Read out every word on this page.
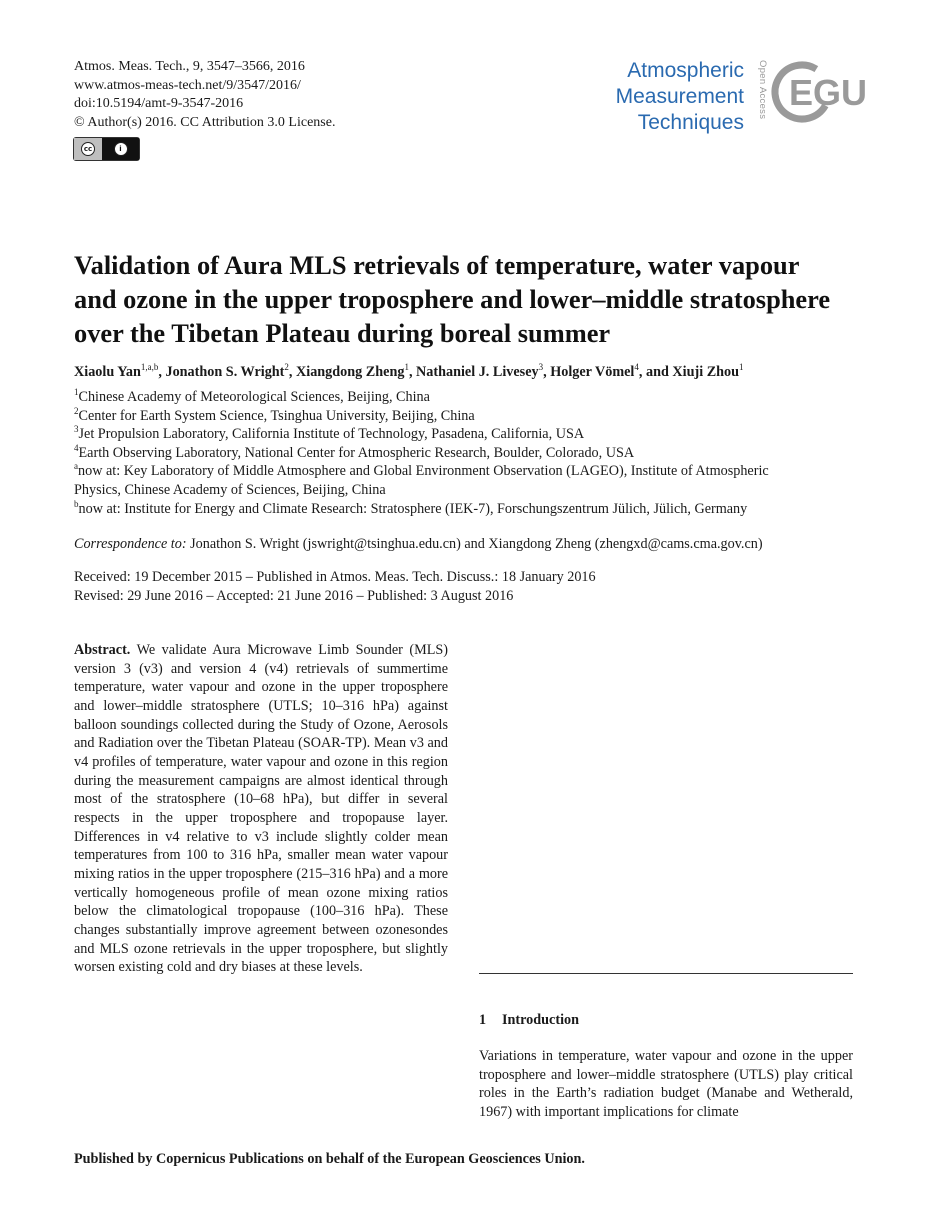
Atmos. Meas. Tech., 9, 3547–3566, 2016
www.atmos-meas-tech.net/9/3547/2016/
doi:10.5194/amt-9-3547-2016
© Author(s) 2016. CC Attribution 3.0 License.
cc	i
Atmospheric
Measurement
Techniques
Open Access EGU
Validation of Aura MLS retrievals of temperature, water vapour
and ozone in the upper troposphere and lower–middle stratosphere
over the Tibetan Plateau during boreal summer
Xiaolu Yan$^{1,a,b}$, Jonathon S. Wright$^2$, Xiangdong Zheng$^1$, Nathaniel J. Livesey$^3$, Holger Vömel$^4$, and Xiuji Zhou$^1$
$^1$Chinese Academy of Meteorological Sciences, Beijing, China
$^2$Center for Earth System Science, Tsinghua University, Beijing, China
$^3$Jet Propulsion Laboratory, California Institute of Technology, Pasadena, California, USA
$^4$Earth Observing Laboratory, National Center for Atmospheric Research, Boulder, Colorado, USA
$^a$now at: Key Laboratory of Middle Atmosphere and Global Environment Observation (LAGEO), Institute of Atmospheric
Physics, Chinese Academy of Sciences, Beijing, China
$^b$now at: Institute for Energy and Climate Research: Stratosphere (IEK-7), Forschungszentrum Jülich, Jülich, Germany
Correspondence to: Jonathon S. Wright (jswright@tsinghua.edu.cn) and Xiangdong Zheng (zhengxd@cams.cma.gov.cn)
Received: 19 December 2015 – Published in Atmos. Meas. Tech. Discuss.: 18 January 2016
Revised: 29 June 2016 – Accepted: 21 June 2016 – Published: 3 August 2016

Abstract. We validate Aura Microwave Limb Sounder (MLS) version 3 (v3) and version 4 (v4) retrievals of summertime temperature, water vapour and ozone in the upper troposphere and lower–middle stratosphere (UTLS; 10–316 hPa) against balloon soundings collected during the Study of Ozone, Aerosols and Radiation over the Tibetan Plateau (SOAR-TP). Mean v3 and v4 profiles of temperature, water vapour and ozone in this region during the measurement campaigns are almost identical through most of the stratosphere (10–68 hPa), but differ in several respects in the upper troposphere and tropopause layer. Differences in v4 relative to v3 include slightly colder mean temperatures from 100 to 316 hPa, smaller mean water vapour mixing ratios in the upper troposphere (215–316 hPa) and a more vertically homogeneous profile of mean ozone mixing ratios below the climatological tropopause (100–316 hPa). These changes substantially improve agreement between ozonesondes and MLS ozone retrievals in the upper troposphere, but slightly worsen existing cold and dry biases at these levels.

1 Introduction

Variations in temperature, water vapour and ozone in the upper troposphere and lower–middle stratosphere (UTLS) play critical roles in the Earth’s radiation budget (Manabe and Wetherald, 1967) with important implications for climate

Published by Copernicus Publications on behalf of the European Geosciences Union.
